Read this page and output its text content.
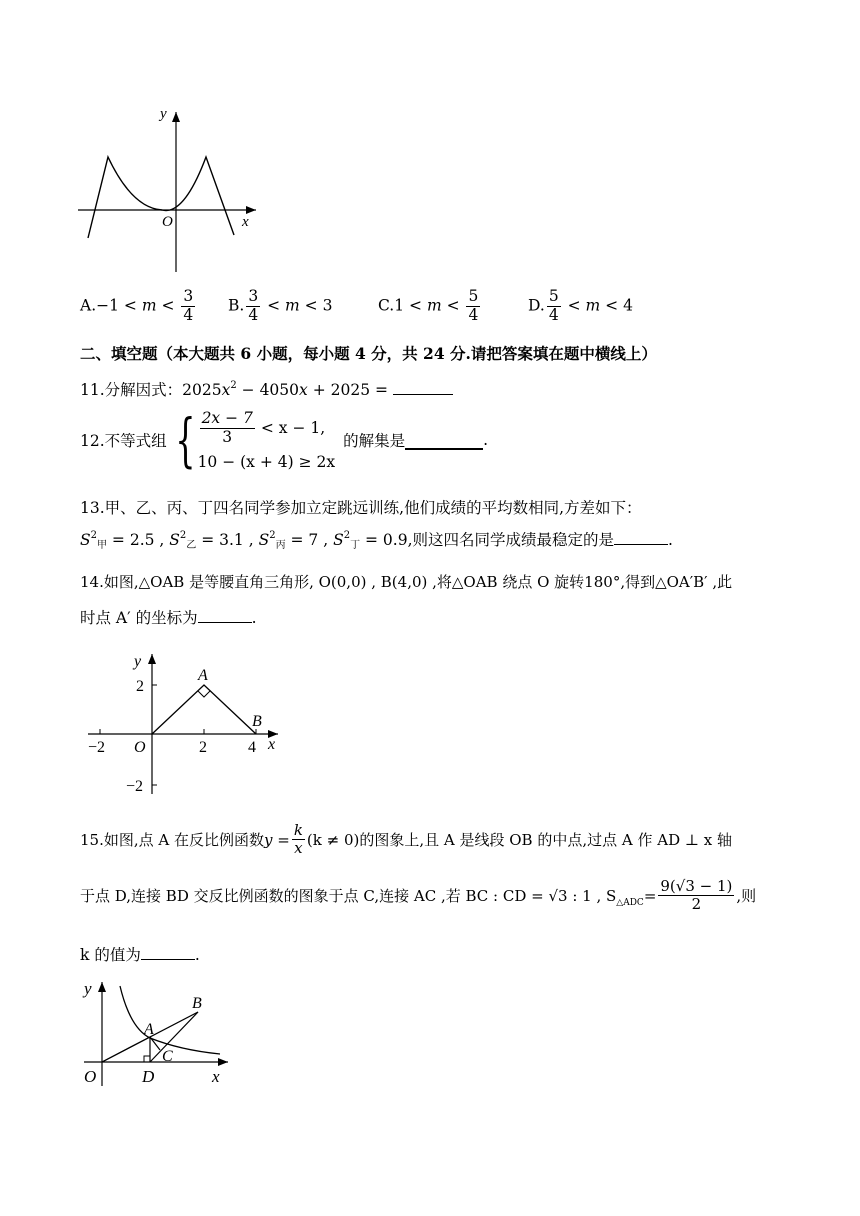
y
x
O
$A.-1 < m < \frac{3}{4} B$. $\frac{3}{4} < m < 3$	$C.1 < m < \frac{5}{4}$	D. $\frac{5}{4} < m < 4$
二、填空题（本大题共 6 小题，每小题 4 分，共 24 分.请把答案填在题中横线上）
11.分解因式：$2025x^2 - 4050x + 2025$ =
12.不等式组 { $\frac{2x - 7}{3} < x - 1$,
10 − (x + 4) ≥ 2x
的解集是	.
13.甲、乙、丙、丁四名同学参加立定跳远训练,他们成绩的平均数相同,方差如下：
$S^2_甲 = 2.5$ , $S^2_乙 = 3.1$ , $S^2_丙 = 7$ , $S^2_丁 = 0.9$,则这四名同学成绩最稳定的是	.
14.如图,△OAB 是等腰直角三角形, O(0,0) , B(4,0) ,将△OAB 绕点 O 旋转180°,得到△OA′B′ ,此
时点 A′ 的坐标为	.
y
x
O
A
B
−2	2	4
2
−2
15.如图,点 A 在反比例函数 $y = \frac{k}{x} (k \ne 0)$ 的图象上,且 A 是线段 OB 的中点,过点 A 作 AD ⊥ x 轴
于点 D,连接 BD 交反比例函数的图象于点 C,连接 AC ,若 BC : CD = √3 : 1 , S △ADC = $\frac{9(√3 - 1)}{2}$ ,则
k 的值为	.
y
x
O
A
B
C
D
